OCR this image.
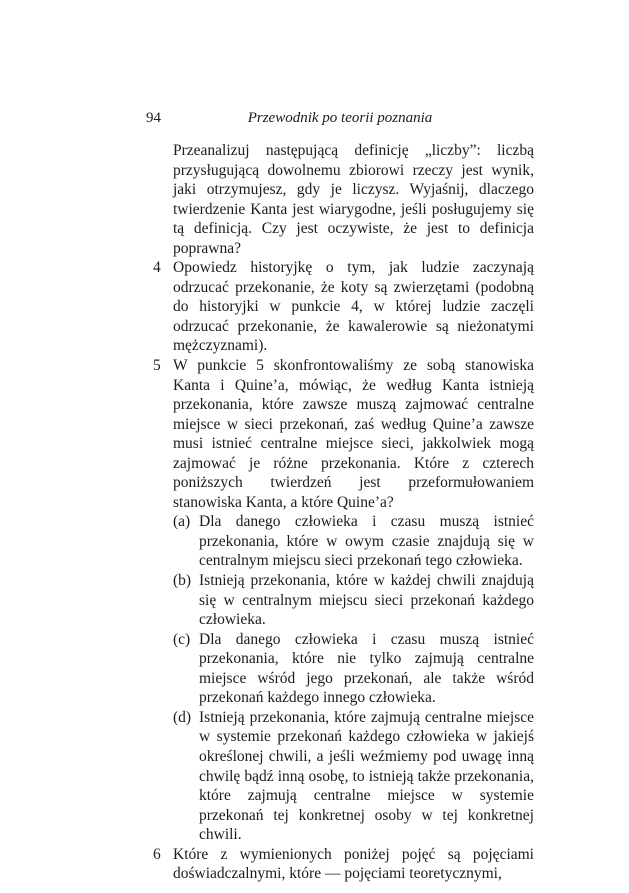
94	Przewodnik po teorii poznania

Przeanalizuj następującą definicję „liczby”: liczbą przysługującą dowolnemu zbiorowi rzeczy jest wynik, jaki otrzymujesz, gdy je liczysz. Wyjaśnij, dlaczego twierdzenie Kanta jest wiarygodne, jeśli posługujemy się tą definicją. Czy jest oczywiste, że jest to definicja poprawna?

4 Opowiedz historyjkę o tym, jak ludzie zaczynają odrzucać przekonanie, że koty są zwierzętami (podobną do historyjki w punkcie 4, w której ludzie zaczęli odrzucać przekonanie, że kawalerowie są nieżonatymi mężczyznami).

5 W punkcie 5 skonfrontowaliśmy ze sobą stanowiska Kanta i Quine’a, mówiąc, że według Kanta istnieją przekonania, które zawsze muszą zajmować centralne miejsce w sieci przekonań, zaś według Quine’a zawsze musi istnieć centralne miejsce sieci, jakkolwiek mogą zajmować je różne przekonania. Które z czterech poniższych twierdzeń jest przeformułowaniem stanowiska Kanta, a które Quine’a?

(a) Dla danego człowieka i czasu muszą istnieć przekonania, które w owym czasie znajdują się w centralnym miejscu sieci przekonań tego człowieka.

(b) Istnieją przekonania, które w każdej chwili znajdują się w centralnym miejscu sieci przekonań każdego człowieka.

(c) Dla danego człowieka i czasu muszą istnieć przekonania, które nie tylko zajmują centralne miejsce wśród jego przekonań, ale także wśród przekonań każdego innego człowieka.

(d) Istnieją przekonania, które zajmują centralne miejsce w systemie przekonań każdego człowieka w jakiejś określonej chwili, a jeśli weźmiemy pod uwagę inną chwilę bądź inną osobę, to istnieją także przekonania, które zajmują centralne miejsce w systemie przekonań tej konkretnej osoby w tej konkretnej chwili.

6 Które z wymienionych poniżej pojęć są pojęciami doświadczalnymi, które — pojęciami teoretycznymi,
